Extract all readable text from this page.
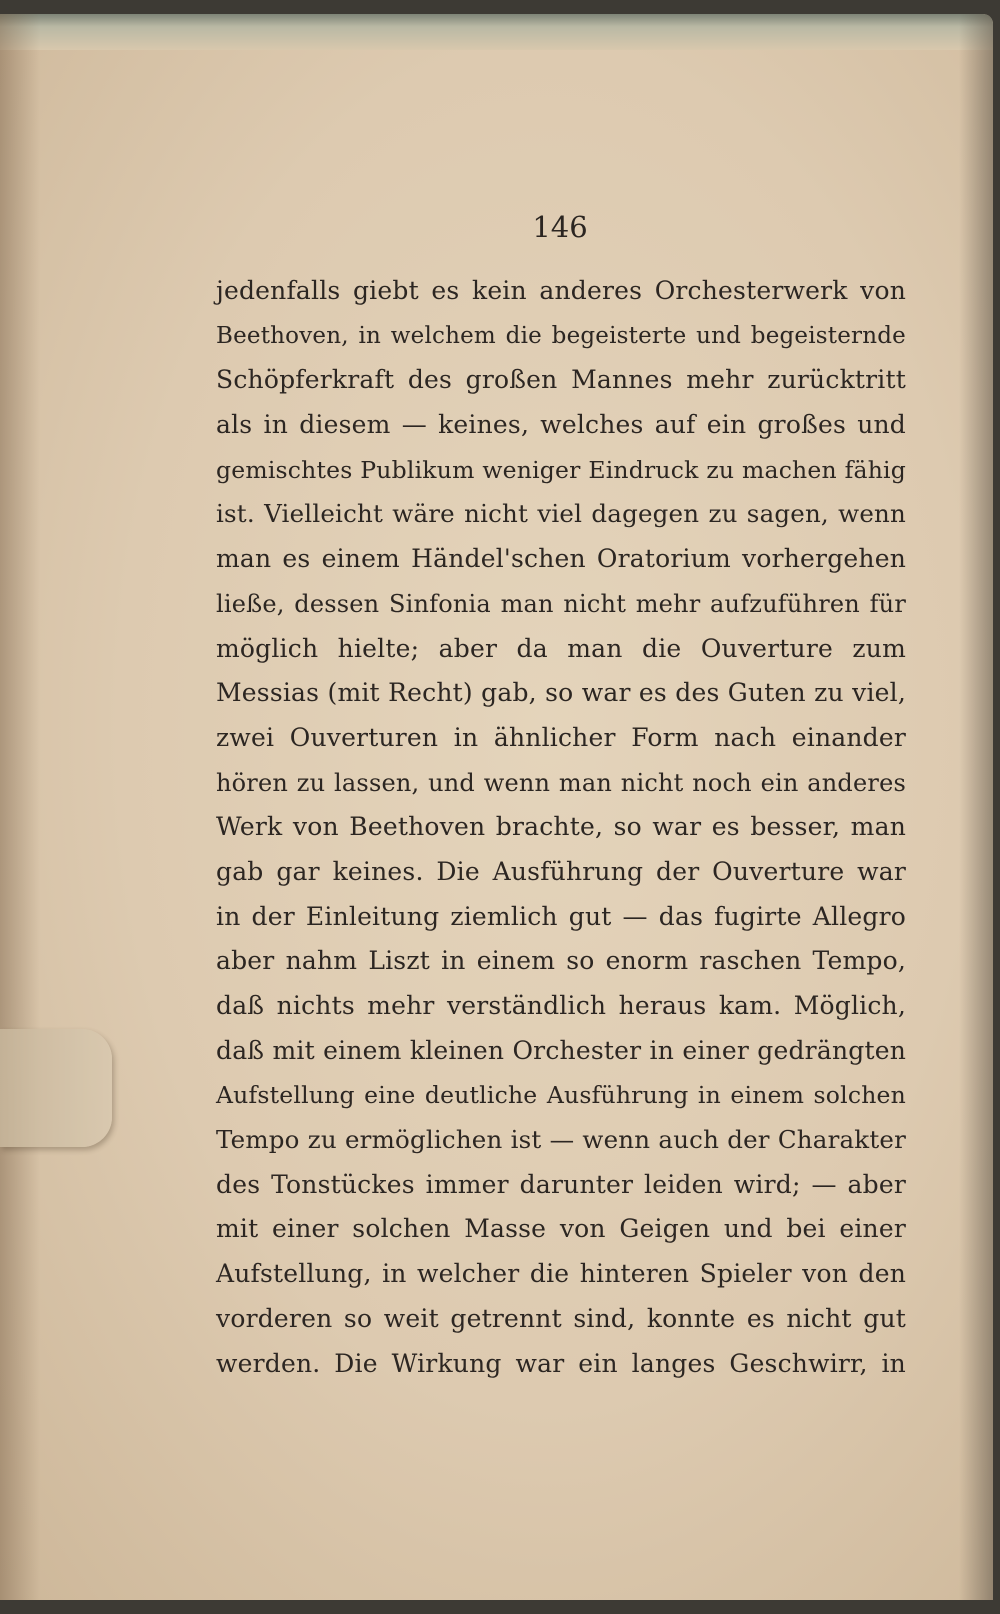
146
jedenfalls giebt es kein anderes Orchesterwerk von
Beethoven, in welchem die begeisterte und begeisternde
Schöpferkraft des großen Mannes mehr zurücktritt
als in diesem — keines, welches auf ein großes und
gemischtes Publikum weniger Eindruck zu machen fähig
ist. Vielleicht wäre nicht viel dagegen zu sagen, wenn
man es einem Händel'schen Oratorium vorhergehen
ließe, dessen Sinfonia man nicht mehr aufzuführen für
möglich hielte; aber da man die Ouverture zum
Messias (mit Recht) gab, so war es des Guten zu viel,
zwei Ouverturen in ähnlicher Form nach einander
hören zu lassen, und wenn man nicht noch ein anderes
Werk von Beethoven brachte, so war es besser, man
gab gar keines. Die Ausführung der Ouverture war
in der Einleitung ziemlich gut — das fugirte Allegro
aber nahm Liszt in einem so enorm raschen Tempo,
daß nichts mehr verständlich heraus kam. Möglich,
daß mit einem kleinen Orchester in einer gedrängten
Aufstellung eine deutliche Ausführung in einem solchen
Tempo zu ermöglichen ist — wenn auch der Charakter
des Tonstückes immer darunter leiden wird; — aber
mit einer solchen Masse von Geigen und bei einer
Aufstellung, in welcher die hinteren Spieler von den
vorderen so weit getrennt sind, konnte es nicht gut
werden. Die Wirkung war ein langes Geschwirr, in
